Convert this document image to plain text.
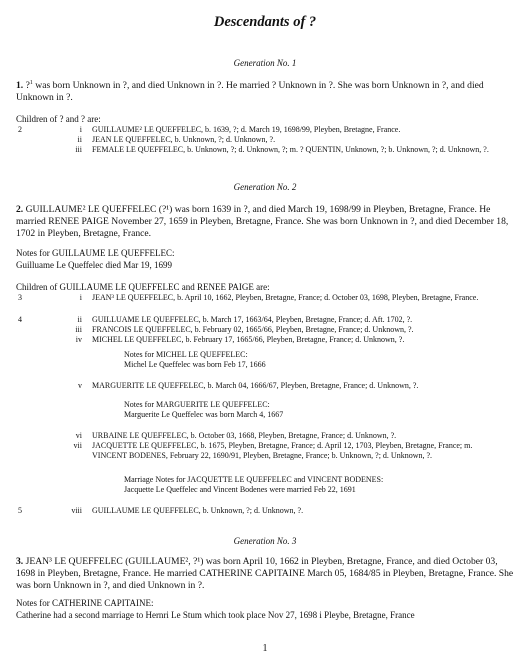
Descendants of ?
Generation No. 1
1. ?$^1$ was born Unknown in ?, and died Unknown in ?. He married ? Unknown in ?. She was born Unknown in ?, and died Unknown in ?.
Children of ? and ? are:
2	i GUILLAUME² LE QUEFFELEC, b. 1639, ?; d. March 19, 1698/99, Pleyben, Bretagne, France.
ii JEAN LE QUEFFELEC, b. Unknown, ?; d. Unknown, ?.
iii FEMALE LE QUEFFELEC, b. Unknown, ?; d. Unknown, ?; m. ? QUENTIN, Unknown, ?; b. Unknown, ?; d. Unknown, ?.
Generation No. 2
2. GUILLAUME² LE QUEFFELEC (?¹) was born 1639 in ?, and died March 19, 1698/99 in Pleyben, Bretagne, France. He married RENEE PAIGE November 27, 1659 in Pleyben, Bretagne, France. She was born Unknown in ?, and died December 18, 1702 in Pleyben, Bretagne, France.
Notes for GUILLAUME LE QUEFFELEC:
Guilluame Le Queffelec died Mar 19, 1699
Children of GUILLAUME LE QUEFFELEC and RENEE PAIGE are:
3	i JEAN³ LE QUEFFELEC, b. April 10, 1662, Pleyben, Bretagne, France; d. October 03, 1698, Pleyben, Bretagne, France.
4	ii GUILLUAME LE QUEFFELEC, b. March 17, 1663/64, Pleyben, Bretagne, France; d. Aft. 1702, ?.
iii FRANCOIS LE QUEFFELEC, b. February 02, 1665/66, Pleyben, Bretagne, France; d. Unknown, ?.
iv MICHEL LE QUEFFELEC, b. February 17, 1665/66, Pleyben, Bretagne, France; d. Unknown, ?.
Notes for MICHEL LE QUEFFELEC:
Michel Le Queffelec was born Feb 17, 1666
v MARGUERITE LE QUEFFELEC, b. March 04, 1666/67, Pleyben, Bretagne, France; d. Unknown, ?.
Notes for MARGUERITE LE QUEFFELEC:
Marguerite Le Queffelec was born March 4, 1667
vi URBAINE LE QUEFFELEC, b. October 03, 1668, Pleyben, Bretagne, France; d. Unknown, ?.
vii JACQUETTE LE QUEFFELEC, b. 1675, Pleyben, Bretagne, France; d. April 12, 1703, Pleyben, Bretagne, France; m. VINCENT BODENES, February 22, 1690/91, Pleyben, Bretagne, France; b. Unknown, ?; d. Unknown, ?.
Marriage Notes for JACQUETTE LE QUEFFELEC and VINCENT BODENES:
Jacquette Le Queffelec and Vincent Bodenes were married Feb 22, 1691
5	viii GUILLAUME LE QUEFFELEC, b. Unknown, ?; d. Unknown, ?.
Generation No. 3
3. JEAN³ LE QUEFFELEC (GUILLAUME², ?¹) was born April 10, 1662 in Pleyben, Bretagne, France, and died October 03, 1698 in Pleyben, Bretagne, France. He married CATHERINE CAPITAINE March 05, 1684/85 in Pleyben, Bretagne, France. She was born Unknown in ?, and died Unknown in ?.
Notes for CATHERINE CAPITAINE:
Catherine had a second marriage to Hernri Le Stum which took place Nov 27, 1698 i Pleybe, Bretagne, France
1
